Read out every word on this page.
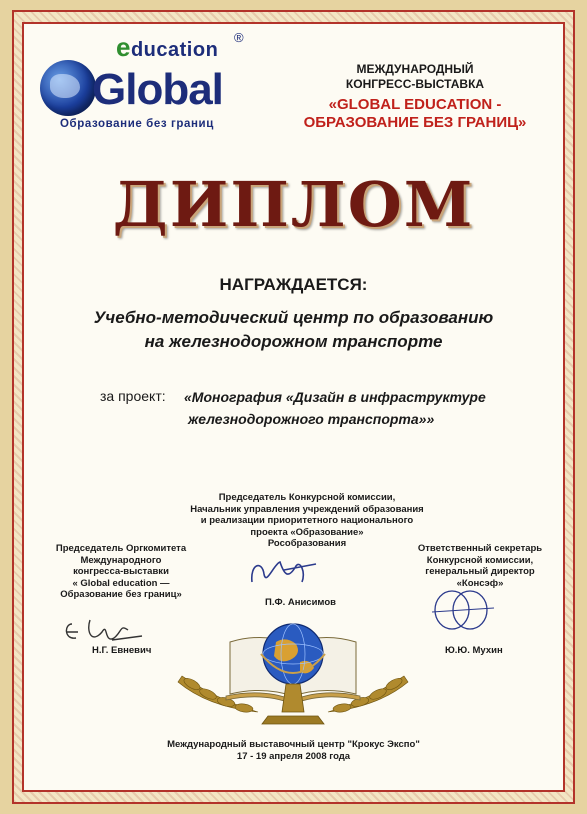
education
®
Global
Образование без границ
МЕЖДУНАРОДНЫЙ
КОНГРЕСС-ВЫСТАВКА
«GLOBAL EDUCATION -
ОБРАЗОВАНИЕ БЕЗ ГРАНИЦ»
ДИПЛОМ
НАГРАЖДАЕТСЯ:
Учебно-методический центр по образованию
на железнодорожном транспорте
за проект: «Монография «Дизайн в инфраструктуре
железнодорожного транспорта»»
Председатель Конкурсной комиссии,
Начальник управления учреждений образования
и реализации приоритетного национального
проекта «Образование»
Рособразования
Председатель Оргкомитета
Международного
конгресса-выставки
« Global education —
Образование без границ»
Ответственный секретарь
Конкурсной комиссии,
генеральный директор
«Консэф»
П.Ф. Анисимов
Н.Г. Евневич	Ю.Ю. Мухин
Международный выставочный центр "Крокус Экспо"
17 - 19 апреля 2008 года
